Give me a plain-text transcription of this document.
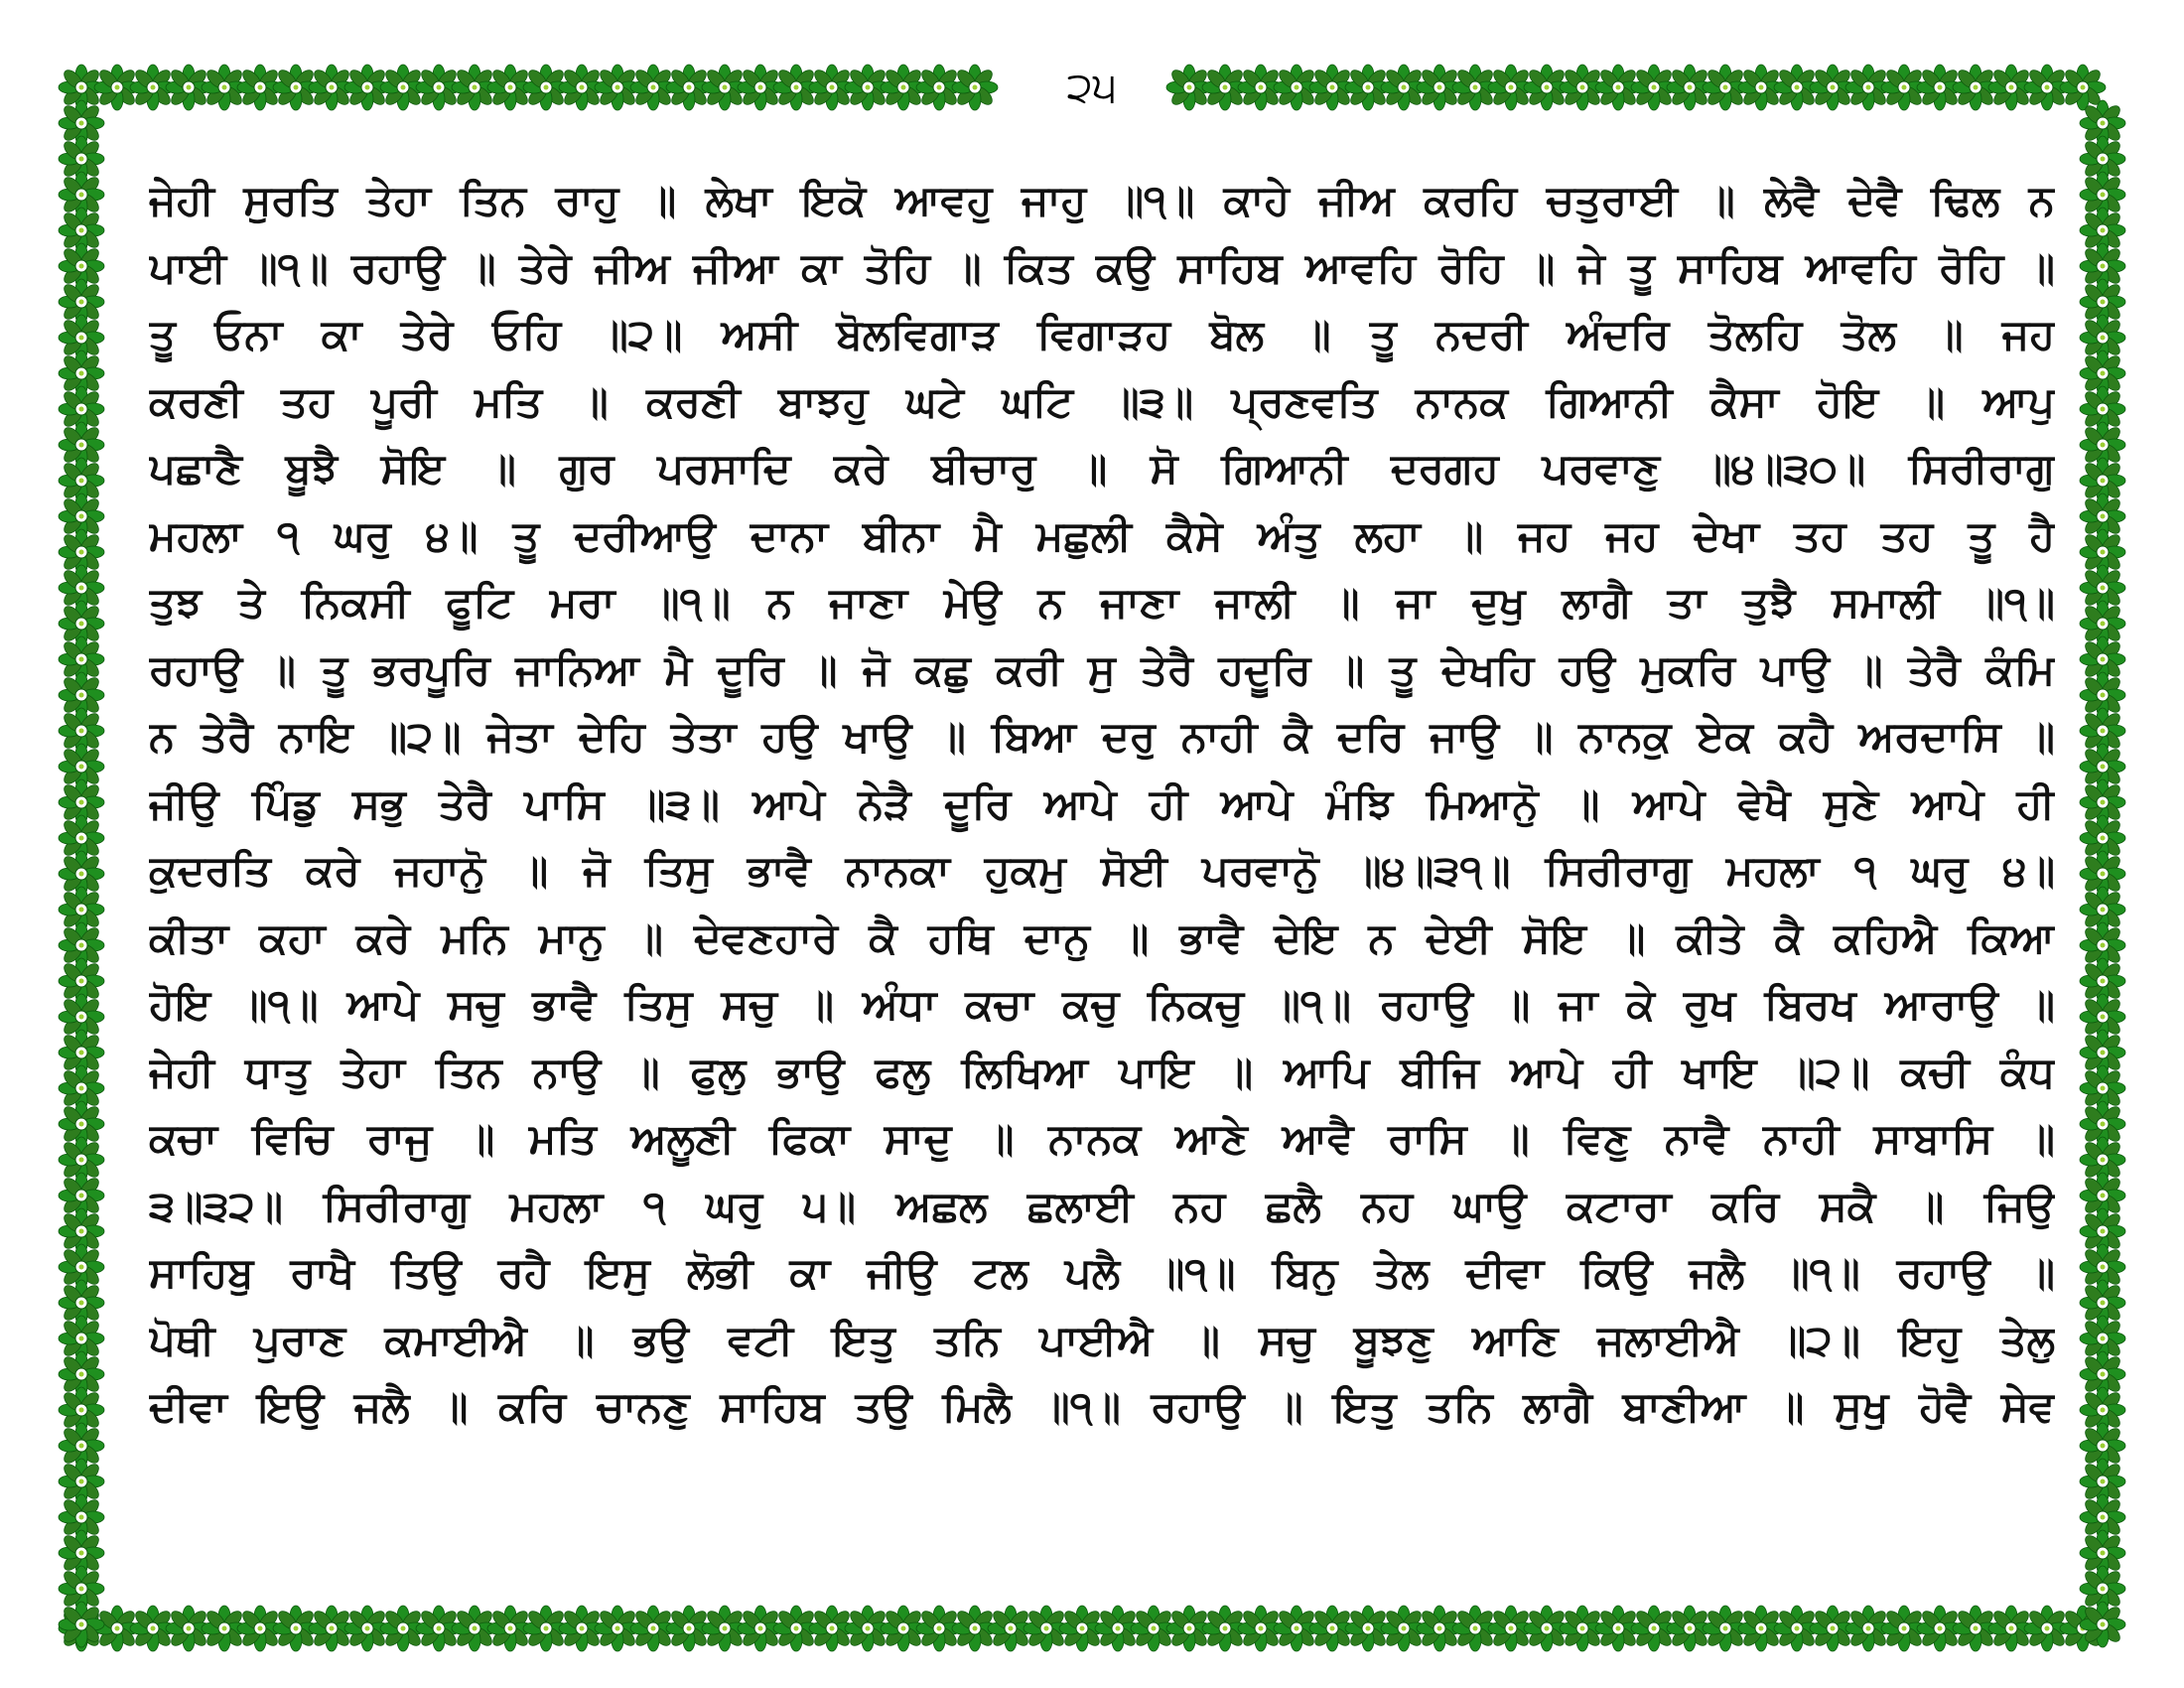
੨੫
ਜੇਹੀ ਸੁਰਤਿ ਤੇਹਾ ਤਿਨ ਰਾਹੁ ॥ ਲੇਖਾ ਇਕੋ ਆਵਹੁ ਜਾਹੁ ॥੧॥ ਕਾਹੇ ਜੀਅ ਕਰਹਿ ਚਤੁਰਾਈ ॥ ਲੇਵੈ ਦੇਵੈ ਢਿਲ ਨ
ਪਾਈ ॥੧॥ ਰਹਾਉ ॥ ਤੇਰੇ ਜੀਅ ਜੀਆ ਕਾ ਤੋਹਿ ॥ ਕਿਤ ਕਉ ਸਾਹਿਬ ਆਵਹਿ ਰੋਹਿ ॥ ਜੇ ਤੂ ਸਾਹਿਬ ਆਵਹਿ ਰੋਹਿ ॥
ਤੂ ਓਨਾ ਕਾ ਤੇਰੇ ਓਹਿ ॥੨॥ ਅਸੀ ਬੋਲਵਿਗਾੜ ਵਿਗਾੜਹ ਬੋਲ ॥ ਤੂ ਨਦਰੀ ਅੰਦਰਿ ਤੋਲਹਿ ਤੋਲ ॥ ਜਹ
ਕਰਣੀ ਤਹ ਪੂਰੀ ਮਤਿ ॥ ਕਰਣੀ ਬਾਝਹੁ ਘਟੇ ਘਟਿ ॥੩॥ ਪ੍ਰਣਵਤਿ ਨਾਨਕ ਗਿਆਨੀ ਕੈਸਾ ਹੋਇ ॥ ਆਪੁ
ਪਛਾਣੈ ਬੂਝੈ ਸੋਇ ॥ ਗੁਰ ਪਰਸਾਦਿ ਕਰੇ ਬੀਚਾਰੁ ॥ ਸੋ ਗਿਆਨੀ ਦਰਗਹ ਪਰਵਾਣੁ ॥੪॥੩੦॥ ਸਿਰੀਰਾਗੁ
ਮਹਲਾ ੧ ਘਰੁ ੪॥ ਤੂ ਦਰੀਆਉ ਦਾਨਾ ਬੀਨਾ ਮੈ ਮਛੁਲੀ ਕੈਸੇ ਅੰਤੁ ਲਹਾ ॥ ਜਹ ਜਹ ਦੇਖਾ ਤਹ ਤਹ ਤੂ ਹੈ
ਤੁਝ ਤੇ ਨਿਕਸੀ ਫੂਟਿ ਮਰਾ ॥੧॥ ਨ ਜਾਣਾ ਮੇਉ ਨ ਜਾਣਾ ਜਾਲੀ ॥ ਜਾ ਦੁਖੁ ਲਾਗੈ ਤਾ ਤੁਝੈ ਸਮਾਲੀ ॥੧॥
ਰਹਾਉ ॥ ਤੂ ਭਰਪੂਰਿ ਜਾਨਿਆ ਮੈ ਦੂਰਿ ॥ ਜੋ ਕਛੁ ਕਰੀ ਸੁ ਤੇਰੈ ਹਦੂਰਿ ॥ ਤੂ ਦੇਖਹਿ ਹਉ ਮੁਕਰਿ ਪਾਉ ॥ ਤੇਰੈ ਕੰਮਿ
ਨ ਤੇਰੈ ਨਾਇ ॥੨॥ ਜੇਤਾ ਦੇਹਿ ਤੇਤਾ ਹਉ ਖਾਉ ॥ ਬਿਆ ਦਰੁ ਨਾਹੀ ਕੈ ਦਰਿ ਜਾਉ ॥ ਨਾਨਕੁ ਏਕ ਕਹੈ ਅਰਦਾਸਿ ॥
ਜੀਉ ਪਿੰਡੁ ਸਭੁ ਤੇਰੈ ਪਾਸਿ ॥੩॥ ਆਪੇ ਨੇੜੈ ਦੂਰਿ ਆਪੇ ਹੀ ਆਪੇ ਮੰਝਿ ਮਿਆਨੋੁ ॥ ਆਪੇ ਵੇਖੈ ਸੁਣੇ ਆਪੇ ਹੀ
ਕੁਦਰਤਿ ਕਰੇ ਜਹਾਨੋੁ ॥ ਜੋ ਤਿਸੁ ਭਾਵੈ ਨਾਨਕਾ ਹੁਕਮੁ ਸੋਈ ਪਰਵਾਨੋੁ ॥੪॥੩੧॥ ਸਿਰੀਰਾਗੁ ਮਹਲਾ ੧ ਘਰੁ ੪॥
ਕੀਤਾ ਕਹਾ ਕਰੇ ਮਨਿ ਮਾਨੁ ॥ ਦੇਵਣਹਾਰੇ ਕੈ ਹਥਿ ਦਾਨੁ ॥ ਭਾਵੈ ਦੇਇ ਨ ਦੇਈ ਸੋਇ ॥ ਕੀਤੇ ਕੈ ਕਹਿਐ ਕਿਆ
ਹੋਇ ॥੧॥ ਆਪੇ ਸਚੁ ਭਾਵੈ ਤਿਸੁ ਸਚੁ ॥ ਅੰਧਾ ਕਚਾ ਕਚੁ ਨਿਕਚੁ ॥੧॥ ਰਹਾਉ ॥ ਜਾ ਕੇ ਰੁਖ ਬਿਰਖ ਆਰਾਉ ॥
ਜੇਹੀ ਧਾਤੁ ਤੇਹਾ ਤਿਨ ਨਾਉ ॥ ਫੁਲੁ ਭਾਉ ਫਲੁ ਲਿਖਿਆ ਪਾਇ ॥ ਆਪਿ ਬੀਜਿ ਆਪੇ ਹੀ ਖਾਇ ॥੨॥ ਕਚੀ ਕੰਧ
ਕਚਾ ਵਿਚਿ ਰਾਜੁ ॥ ਮਤਿ ਅਲੂਣੀ ਫਿਕਾ ਸਾਦੁ ॥ ਨਾਨਕ ਆਣੇ ਆਵੈ ਰਾਸਿ ॥ ਵਿਣੁ ਨਾਵੈ ਨਾਹੀ ਸਾਬਾਸਿ ॥
੩॥੩੨॥ ਸਿਰੀਰਾਗੁ ਮਹਲਾ ੧ ਘਰੁ ੫॥ ਅਛਲ ਛਲਾਈ ਨਹ ਛਲੈ ਨਹ ਘਾਉ ਕਟਾਰਾ ਕਰਿ ਸਕੈ ॥ ਜਿਉ
ਸਾਹਿਬੁ ਰਾਖੈ ਤਿਉ ਰਹੈ ਇਸੁ ਲੋਭੀ ਕਾ ਜੀਉ ਟਲ ਪਲੈ ॥੧॥ ਬਿਨੁ ਤੇਲ ਦੀਵਾ ਕਿਉ ਜਲੈ ॥੧॥ ਰਹਾਉ ॥
ਪੋਥੀ ਪੁਰਾਣ ਕਮਾਈਐ ॥ ਭਉ ਵਟੀ ਇਤੁ ਤਨਿ ਪਾਈਐ ॥ ਸਚੁ ਬੂਝਣੁ ਆਣਿ ਜਲਾਈਐ ॥੨॥ ਇਹੁ ਤੇਲੁ
ਦੀਵਾ ਇਉ ਜਲੈ ॥ ਕਰਿ ਚਾਨਣੁ ਸਾਹਿਬ ਤਉ ਮਿਲੈ ॥੧॥ ਰਹਾਉ ॥ ਇਤੁ ਤਨਿ ਲਾਗੈ ਬਾਣੀਆ ॥ ਸੁਖੁ ਹੋਵੈ ਸੇਵ
